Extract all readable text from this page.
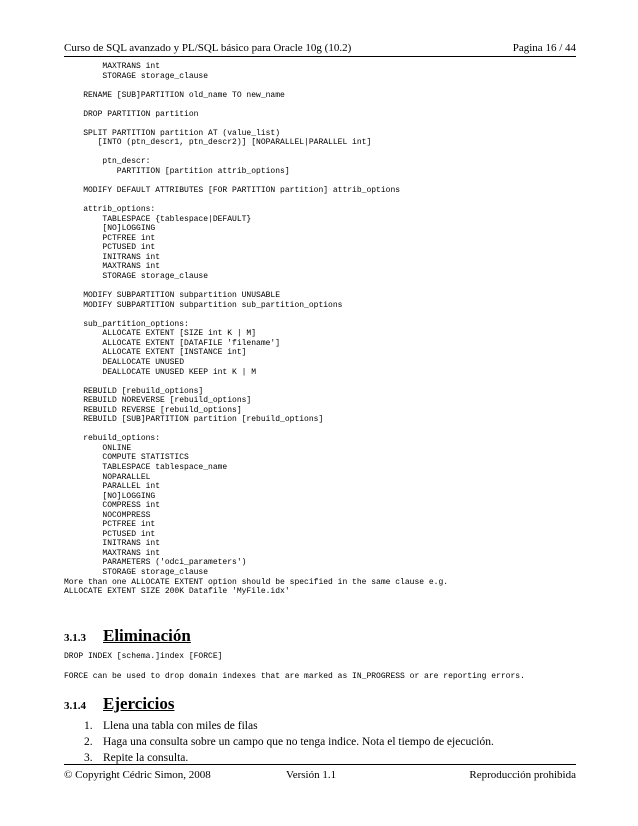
Curso de SQL avanzado y PL/SQL básico para Oracle 10g (10.2)	Pagina 16 / 44
MAXTRANS int
STORAGE storage_clause
RENAME [SUB]PARTITION old_name TO new_name
DROP PARTITION partition
SPLIT PARTITION partition AT (value_list)
[INTO (ptn_descr1, ptn_descr2)] [NOPARALLEL|PARALLEL int]
ptn_descr:
PARTITION [partition attrib_options]
MODIFY DEFAULT ATTRIBUTES [FOR PARTITION partition] attrib_options
attrib_options:
TABLESPACE {tablespace|DEFAULT}
[NO]LOGGING
PCTFREE int
PCTUSED int
INITRANS int
MAXTRANS int
STORAGE storage_clause
MODIFY SUBPARTITION subpartition UNUSABLE
MODIFY SUBPARTITION subpartition sub_partition_options
sub_partition_options:
ALLOCATE EXTENT [SIZE int K | M]
ALLOCATE EXTENT [DATAFILE 'filename']
ALLOCATE EXTENT [INSTANCE int]
DEALLOCATE UNUSED
DEALLOCATE UNUSED KEEP int K | M
REBUILD [rebuild_options]
REBUILD NOREVERSE [rebuild_options]
REBUILD REVERSE [rebuild_options]
REBUILD [SUB]PARTITION partition [rebuild_options]
rebuild_options:
ONLINE
COMPUTE STATISTICS
TABLESPACE tablespace_name
NOPARALLEL
PARALLEL int
[NO]LOGGING
COMPRESS int
NOCOMPRESS
PCTFREE int
PCTUSED int
INITRANS int
MAXTRANS int
PARAMETERS ('odci_parameters')
STORAGE storage_clause
More than one ALLOCATE EXTENT option should be specified in the same clause e.g.
ALLOCATE EXTENT SIZE 200K Datafile 'MyFile.idx'
3.1.3	Eliminación
DROP INDEX [schema.]index [FORCE]
FORCE can be used to drop domain indexes that are marked as IN_PROGRESS or are reporting errors.
3.1.4	Ejercicios
1. Llena una tabla con miles de filas
2. Haga una consulta sobre un campo que no tenga indice. Nota el tiempo de ejecución.
3. Repite la consulta.
© Copyright Cédric Simon, 2008	Versión 1.1	Reproducción prohibida
